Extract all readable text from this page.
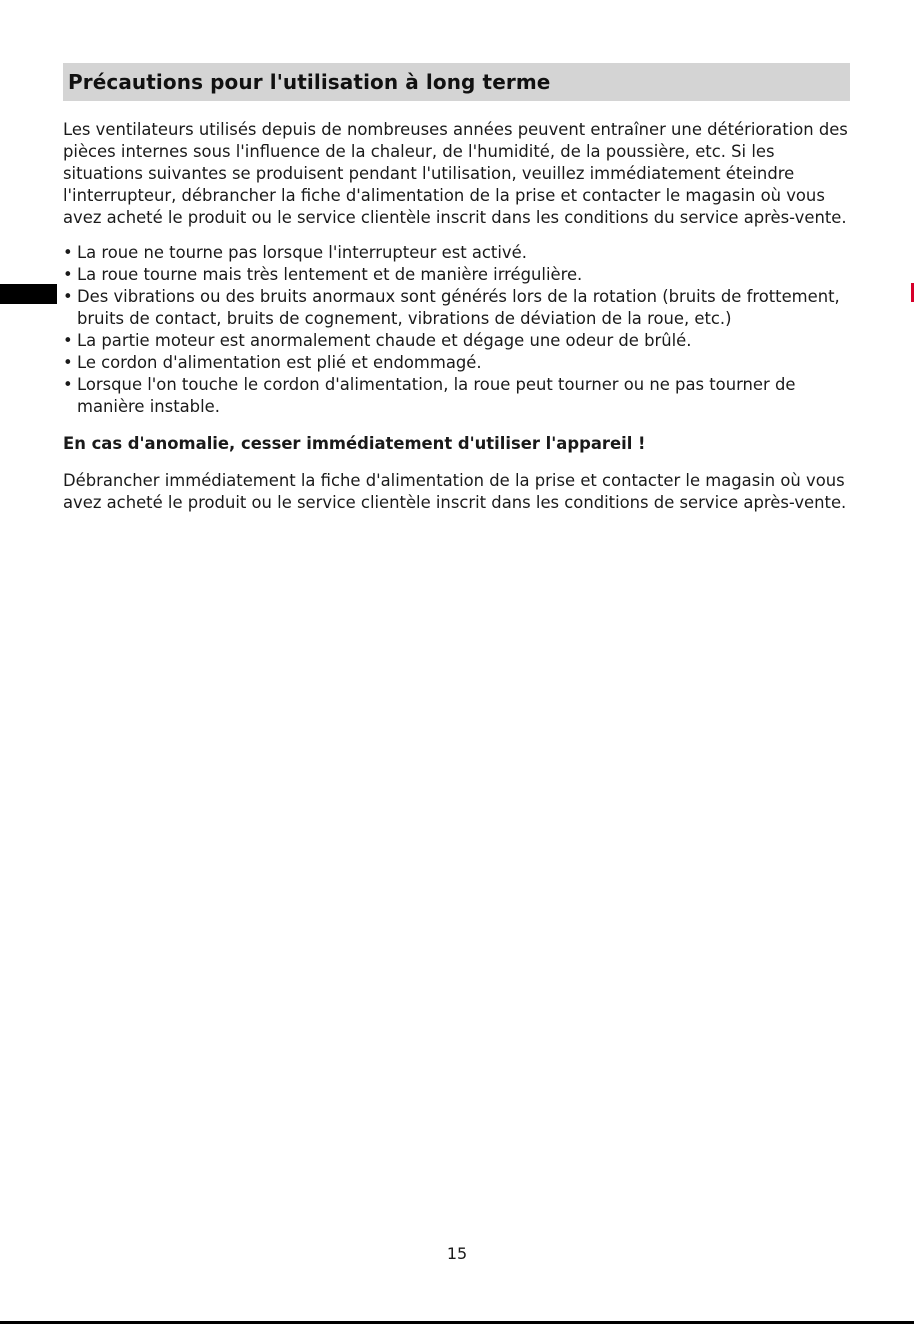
Précautions pour l'utilisation à long terme

Les ventilateurs utilisés depuis de nombreuses années peuvent entraîner une détérioration des pièces internes sous l'influence de la chaleur, de l'humidité, de la poussière, etc. Si les situations suivantes se produisent pendant l'utilisation, veuillez immédiatement éteindre l'interrupteur, débrancher la fiche d'alimentation de la prise et contacter le magasin où vous avez acheté le produit ou le service clientèle inscrit dans les conditions du service après-vente.

• La roue ne tourne pas lorsque l'interrupteur est activé.
• La roue tourne mais très lentement et de manière irrégulière.
• Des vibrations ou des bruits anormaux sont générés lors de la rotation (bruits de frottement, bruits de contact, bruits de cognement, vibrations de déviation de la roue, etc.)
• La partie moteur est anormalement chaude et dégage une odeur de brûlé.
• Le cordon d'alimentation est plié et endommagé.
• Lorsque l'on touche le cordon d'alimentation, la roue peut tourner ou ne pas tourner de manière instable.

En cas d'anomalie, cesser immédiatement d'utiliser l'appareil !

Débrancher immédiatement la fiche d'alimentation de la prise et contacter le magasin où vous avez acheté le produit ou le service clientèle inscrit dans les conditions de service après-vente.

15
